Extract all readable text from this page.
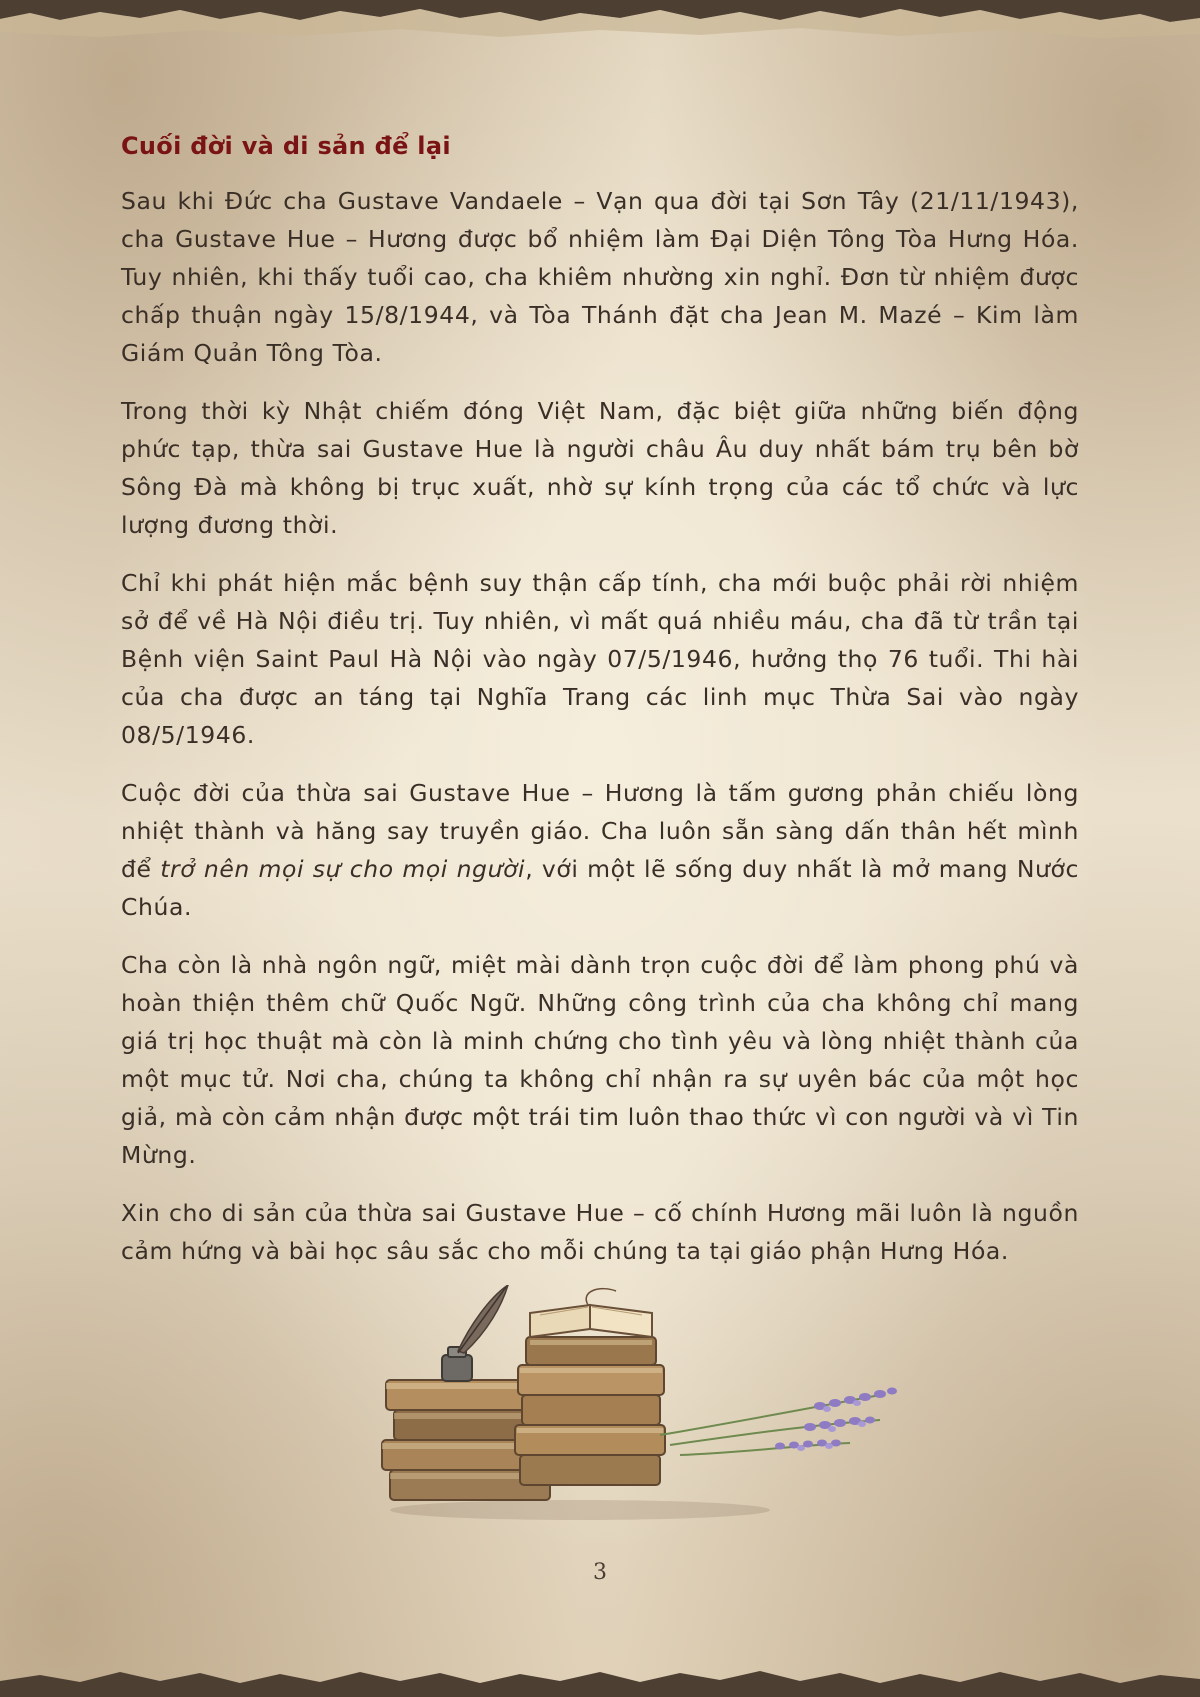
Cuối đời và di sản để lại

Sau khi Đức cha Gustave Vandaele – Vạn qua đời tại Sơn Tây (21/11/1943), cha Gustave Hue – Hương được bổ nhiệm làm Đại Diện Tông Tòa Hưng Hóa. Tuy nhiên, khi thấy tuổi cao, cha khiêm nhường xin nghỉ. Đơn từ nhiệm được chấp thuận ngày 15/8/1944, và Tòa Thánh đặt cha Jean M. Mazé – Kim làm Giám Quản Tông Tòa.

Trong thời kỳ Nhật chiếm đóng Việt Nam, đặc biệt giữa những biến động phức tạp, thừa sai Gustave Hue là người châu Âu duy nhất bám trụ bên bờ Sông Đà mà không bị trục xuất, nhờ sự kính trọng của các tổ chức và lực lượng đương thời.

Chỉ khi phát hiện mắc bệnh suy thận cấp tính, cha mới buộc phải rời nhiệm sở để về Hà Nội điều trị. Tuy nhiên, vì mất quá nhiều máu, cha đã từ trần tại Bệnh viện Saint Paul Hà Nội vào ngày 07/5/1946, hưởng thọ 76 tuổi. Thi hài của cha được an táng tại Nghĩa Trang các linh mục Thừa Sai vào ngày 08/5/1946.

Cuộc đời của thừa sai Gustave Hue – Hương là tấm gương phản chiếu lòng nhiệt thành và hăng say truyền giáo. Cha luôn sẵn sàng dấn thân hết mình để trở nên mọi sự cho mọi người, với một lẽ sống duy nhất là mở mang Nước Chúa.

Cha còn là nhà ngôn ngữ, miệt mài dành trọn cuộc đời để làm phong phú và hoàn thiện thêm chữ Quốc Ngữ. Những công trình của cha không chỉ mang giá trị học thuật mà còn là minh chứng cho tình yêu và lòng nhiệt thành của một mục tử. Nơi cha, chúng ta không chỉ nhận ra sự uyên bác của một học giả, mà còn cảm nhận được một trái tim luôn thao thức vì con người và vì Tin Mừng.

Xin cho di sản của thừa sai Gustave Hue – cố chính Hương mãi luôn là nguồn cảm hứng và bài học sâu sắc cho mỗi chúng ta tại giáo phận Hưng Hóa.

3
